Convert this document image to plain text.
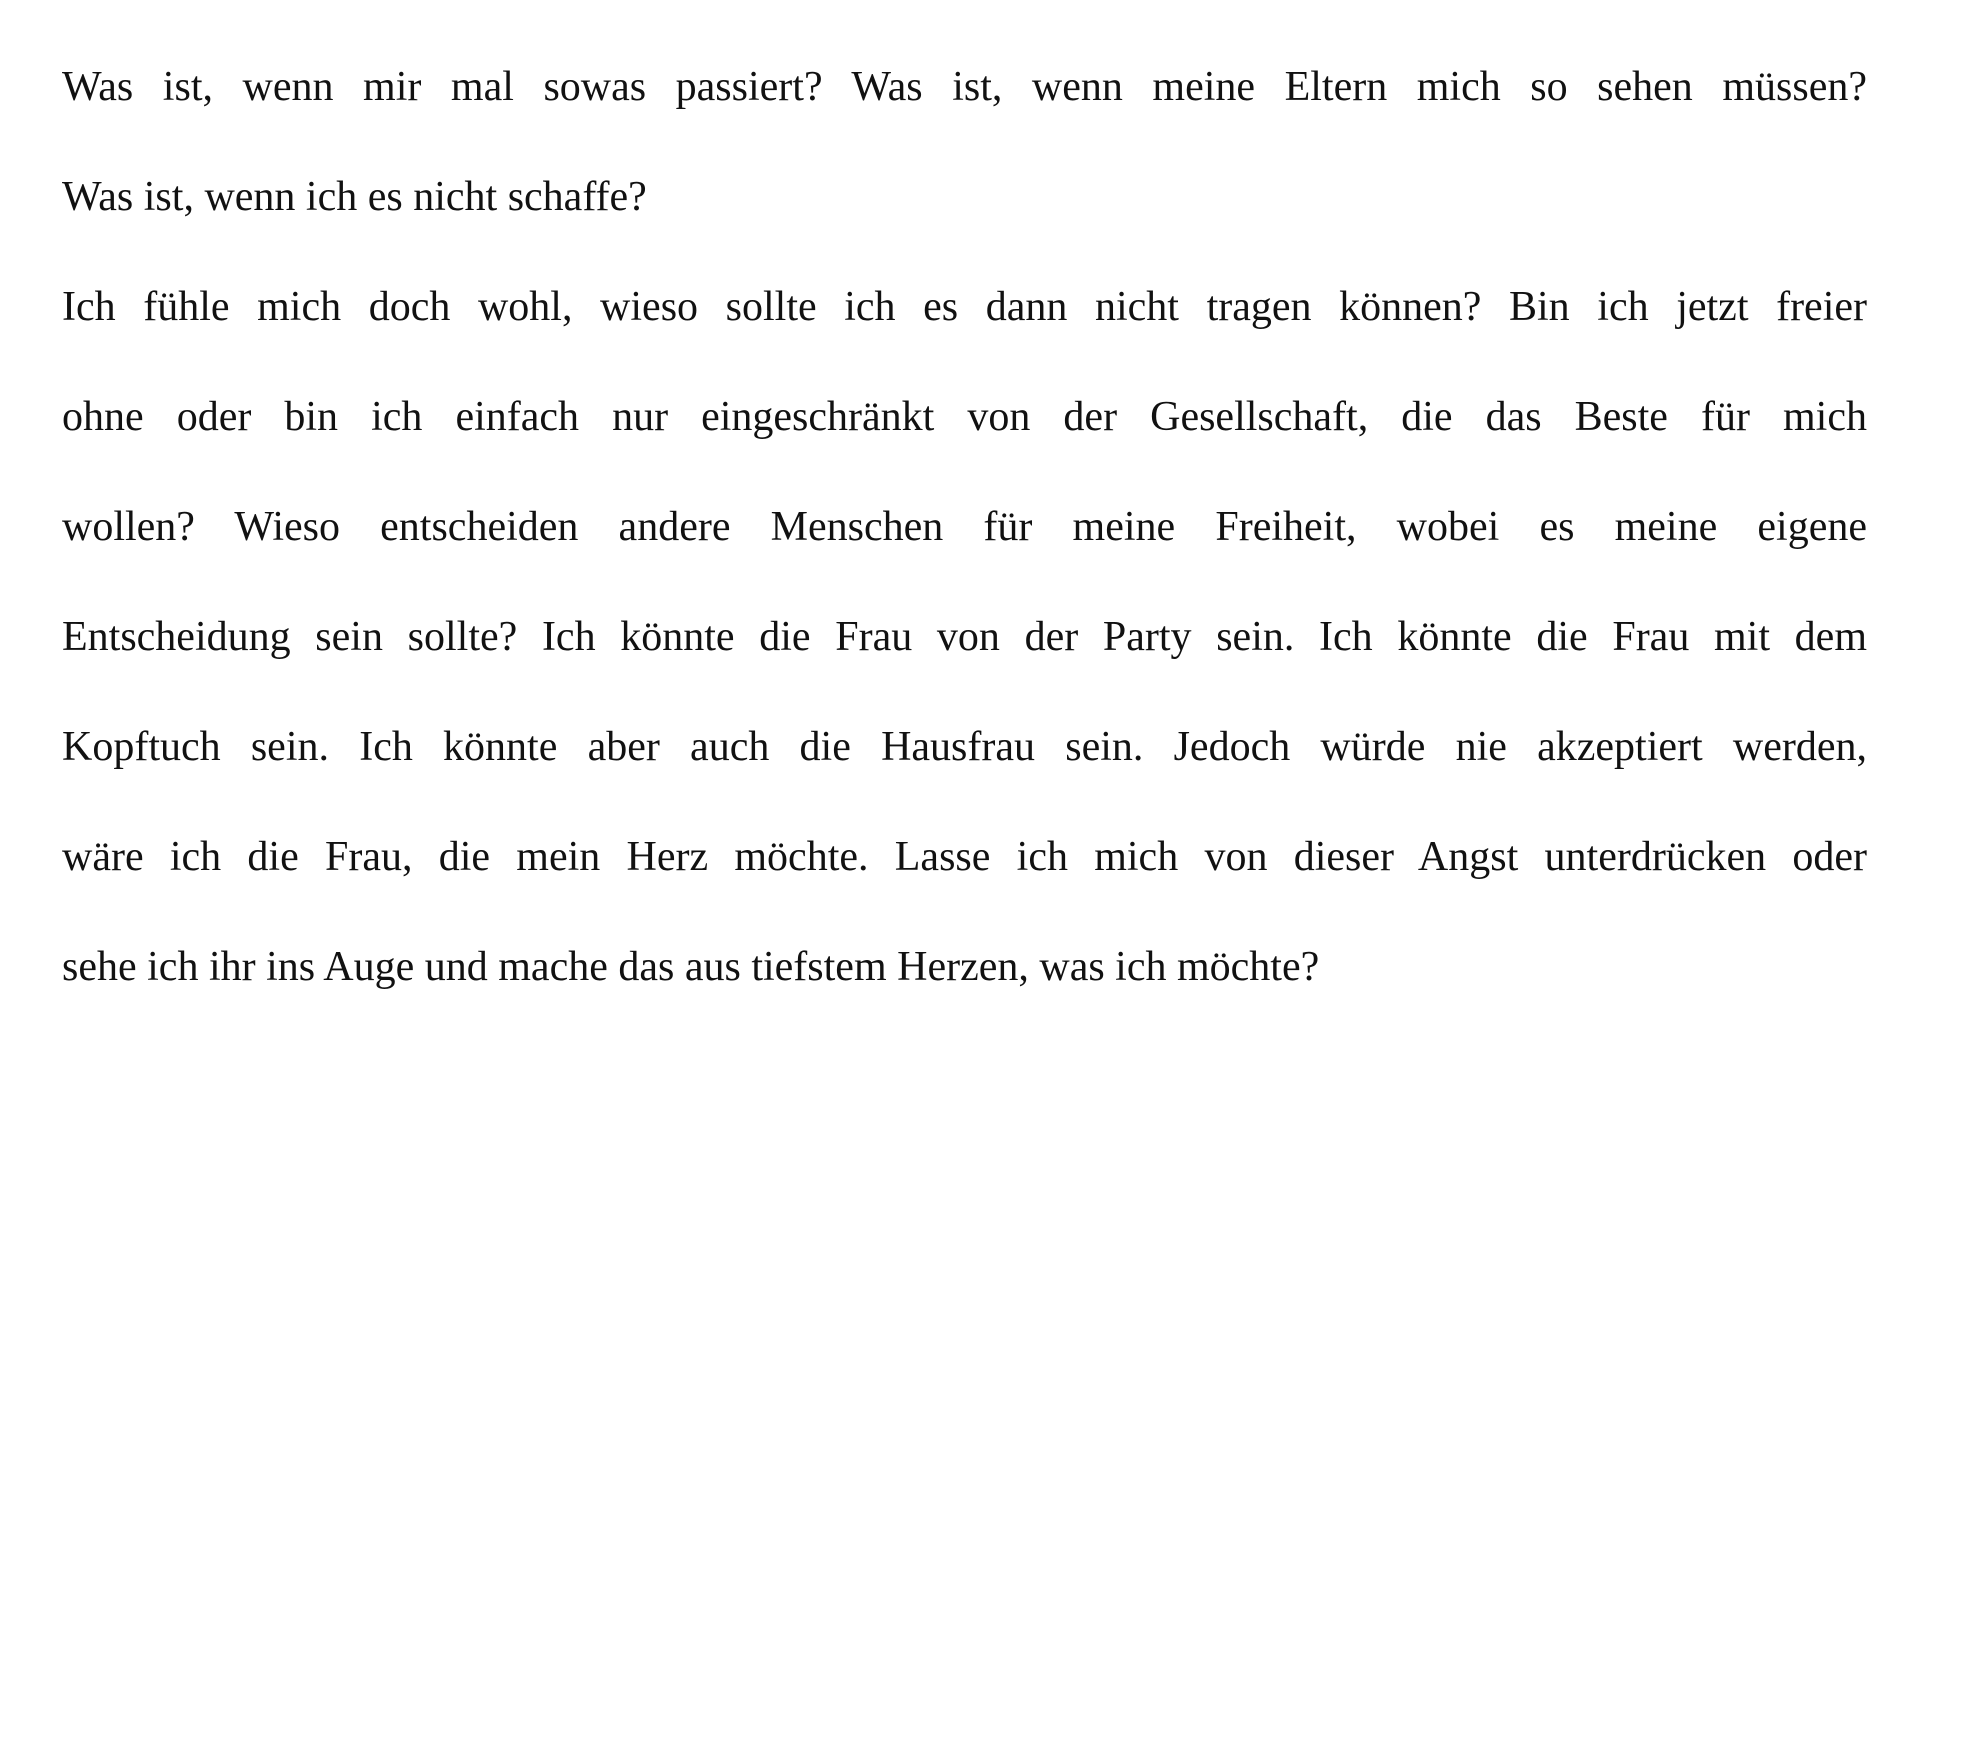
Was ist, wenn mir mal sowas passiert? Was ist, wenn meine Eltern mich so sehen müssen?
Was ist, wenn ich es nicht schaffe?
Ich fühle mich doch wohl, wieso sollte ich es dann nicht tragen können? Bin ich jetzt freier
ohne oder bin ich einfach nur eingeschränkt von der Gesellschaft, die das Beste für mich
wollen? Wieso entscheiden andere Menschen für meine Freiheit, wobei es meine eigene
Entscheidung sein sollte? Ich könnte die Frau von der Party sein. Ich könnte die Frau mit dem
Kopftuch sein. Ich könnte aber auch die Hausfrau sein. Jedoch würde nie akzeptiert werden,
wäre ich die Frau, die mein Herz möchte. Lasse ich mich von dieser Angst unterdrücken oder
sehe ich ihr ins Auge und mache das aus tiefstem Herzen, was ich möchte?
